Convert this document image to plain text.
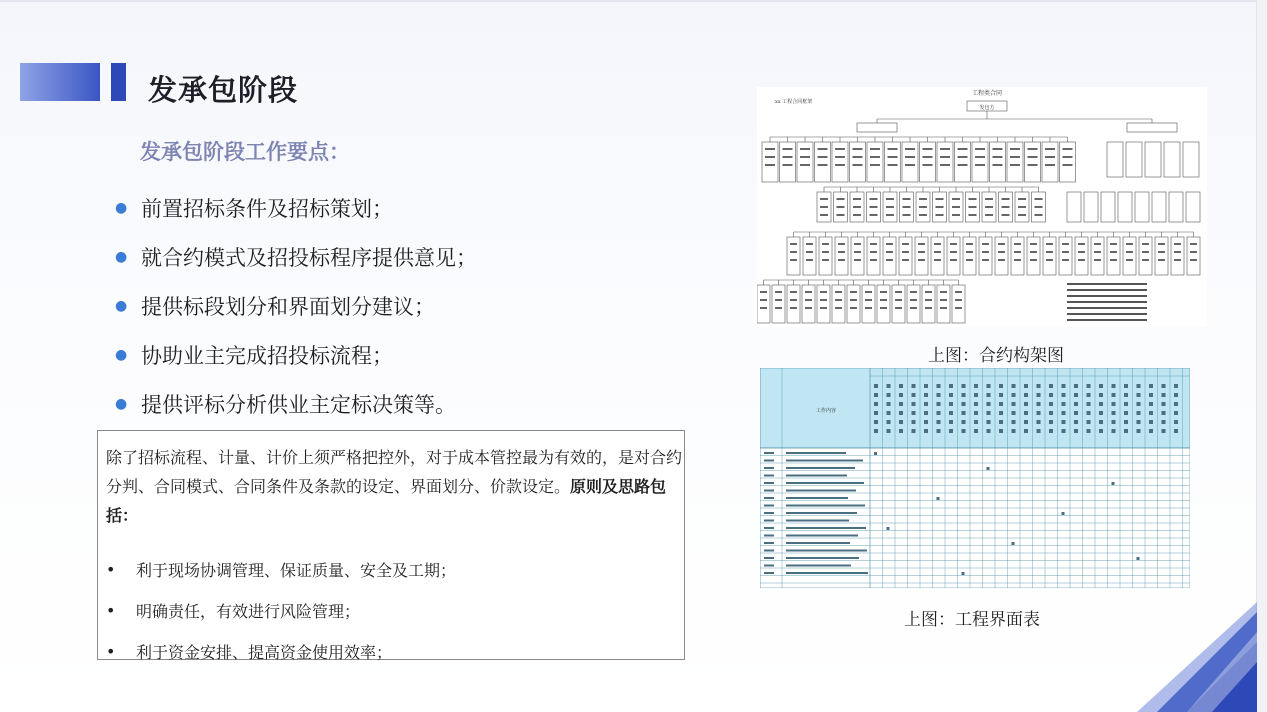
发承包阶段
发承包阶段工作要点：
● 前置招标条件及招标策划；
● 就合约模式及招投标程序提供意见；
● 提供标段划分和界面划分建议；
● 协助业主完成招投标流程；
● 提供评标分析供业主定标决策等。
除了招标流程、计量、计价上须严格把控外，对于成本管控最为有效的，是对合约分判、合同模式、合同条件及条款的设定、界面划分、价款设定。原则及思路包括：
•	利于现场协调管理、保证质量、安全及工期；
•	明确责任，有效进行风险管理；
•	利于资金安排、提高资金使用效率；
工程类合同
发包方
xx 工程合同框架
上图：合约构架图
工作内容
上图：工程界面表
